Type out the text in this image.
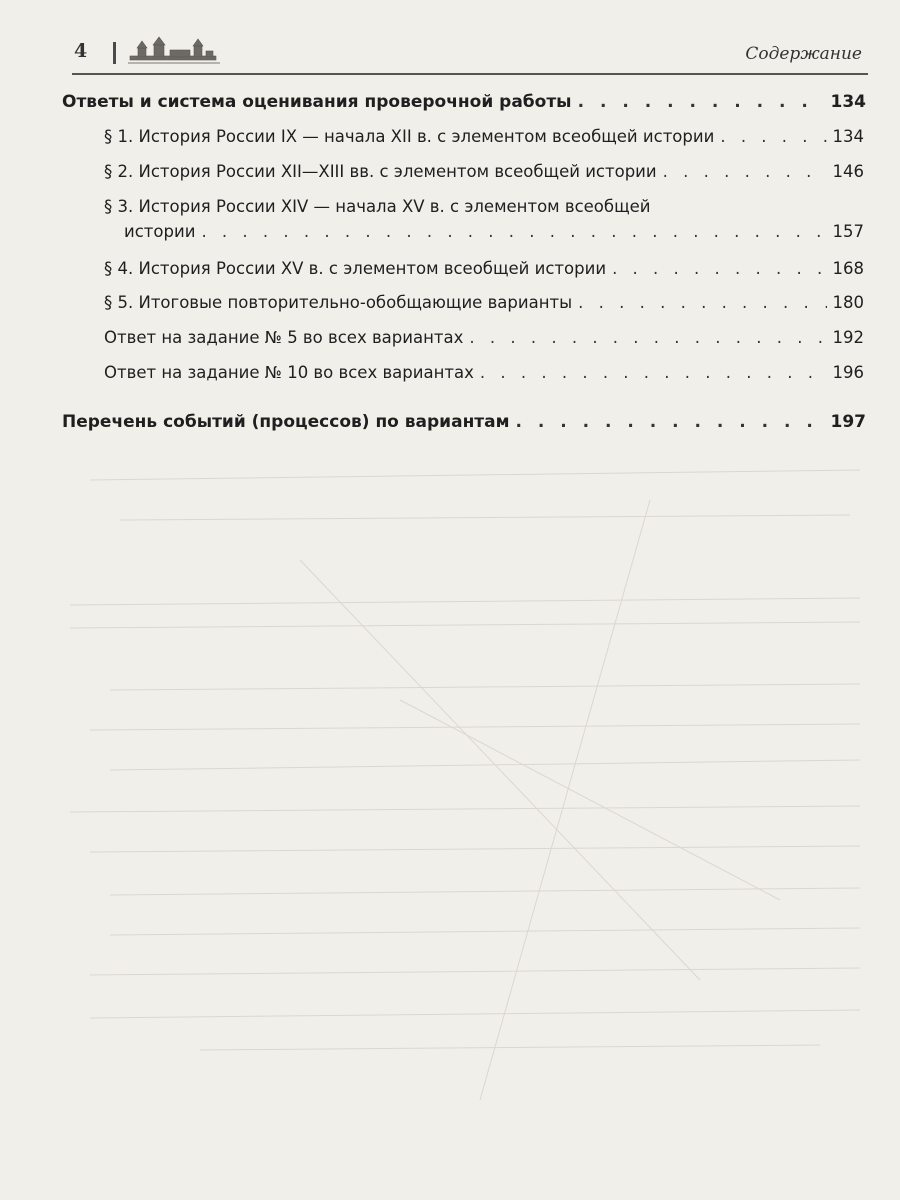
4	Содержание
Ответы и система оценивания проверочной работы . . .	134
§ 1. История России IX — начала XII в. с элементом всеобщей истории . . .	134
§ 2. История России XII—XIII вв. с элементом всеобщей истории . . .	146
§ 3. История России XIV — начала XV в. с элементом всеобщей
истории . . .	157
§ 4. История России XV в. с элементом всеобщей истории . . .	168
§ 5. Итоговые повторительно-обобщающие варианты . . .	180
Ответ на задание № 5 во всех вариантах . . .	192
Ответ на задание № 10 во всех вариантах . . .	196
Перечень событий (процессов) по вариантам . . .	197
